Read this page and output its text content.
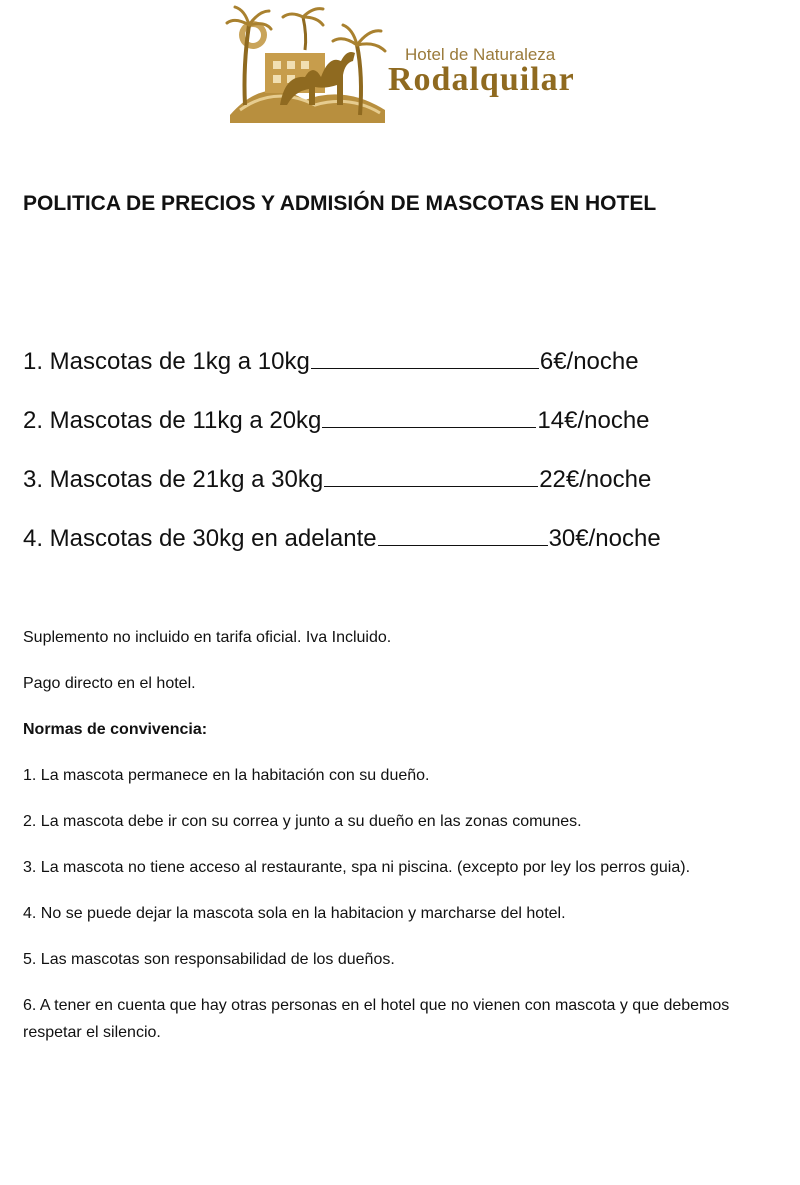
Hotel de Naturaleza
Rodalquilar
POLITICA DE PRECIOS Y ADMISIÓN DE MASCOTAS EN HOTEL
1. Mascotas de 1kg a 10kg	6€/noche
2. Mascotas de 11kg a 20kg	14€/noche
3. Mascotas de 21kg a 30kg	22€/noche
4. Mascotas de 30kg en adelante	30€/noche

Suplemento no incluido en tarifa oficial. Iva Incluido.

Pago directo en el hotel.

Normas de convivencia:

1. La mascota permanece en la habitación con su dueño.

2. La mascota debe ir con su correa y junto a su dueño en las zonas comunes.

3. La mascota no tiene acceso al restaurante, spa ni piscina. (excepto por ley los perros guia).

4. No se puede dejar la mascota sola en la habitacion y marcharse del hotel.

5. Las mascotas son responsabilidad de los dueños.

6. A tener en cuenta que hay otras personas en el hotel que no vienen con mascota y que debemos respetar el silencio.
